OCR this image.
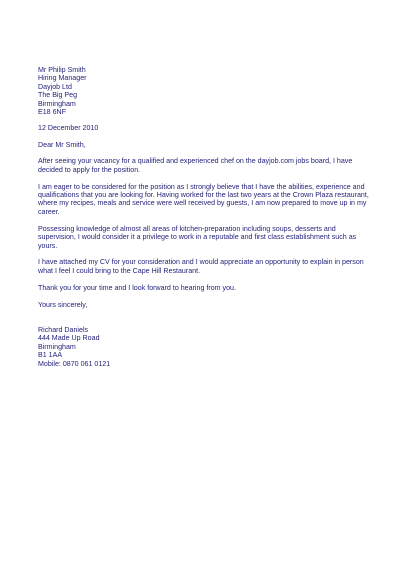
Mr Philip Smith
Hiring Manager
Dayjob Ltd
The Big Peg
Birmingham
E18 6NF
12 December 2010
Dear Mr Smith,
After seeing your vacancy for a qualified and experienced chef on the dayjob.com jobs board, I have
decided to apply for the position.
I am eager to be considered for the position as I strongly believe that I have the abilities, experience and
qualifications that you are looking for. Having worked for the last two years at the Crown Plaza restaurant,
where my recipes, meals and service were well received by guests, I am now prepared to move up in my
career.
Possessing knowledge of almost all areas of kitchen-preparation including soups, desserts and
supervision, I would consider it a privilege to work in a reputable and first class establishment such as
yours.
I have attached my CV for your consideration and I would appreciate an opportunity to explain in person
what I feel I could bring to the Cape Hill Restaurant.
Thank you for your time and I look forward to hearing from you.
Yours sincerely,
Richard Daniels
444 Made Up Road
Birmingham
B1 1AA
Mobile: 0870 061 0121
